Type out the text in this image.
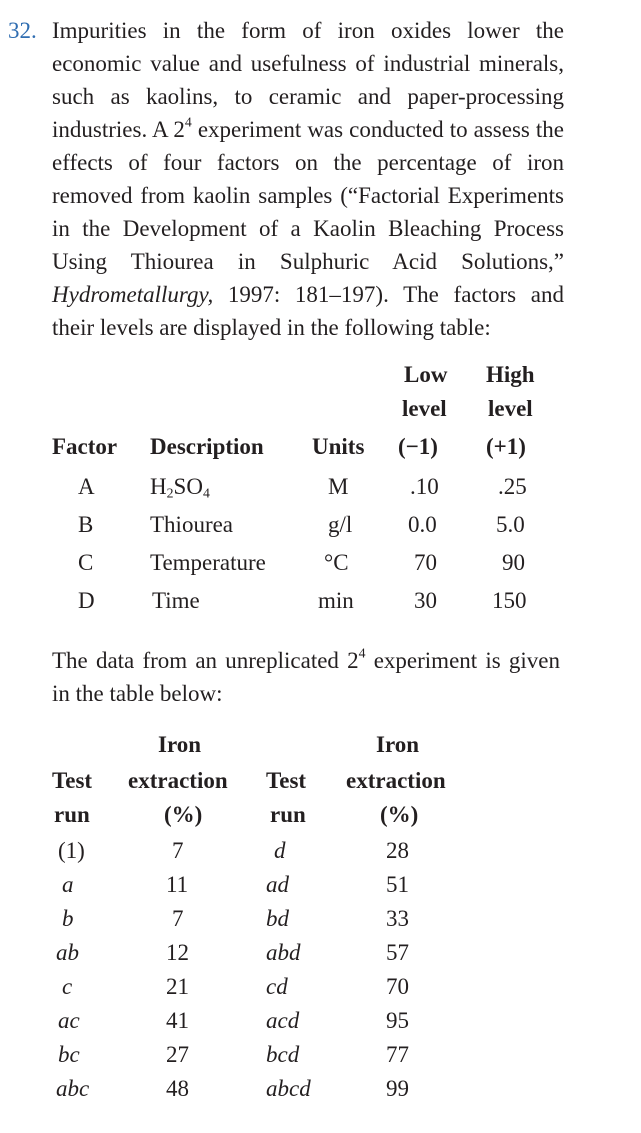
32. Impurities in the form of iron oxides lower the economic value and usefulness of industrial minerals, such as kaolins, to ceramic and paper-processing industries. A $2^4$ experiment was conducted to assess the effects of four factors on the percentage of iron removed from kaolin samples (“Factorial Experiments in the Development of a Kaolin Bleaching Process Using Thiourea in Sulphuric Acid Solutions,” Hydrometallurgy, 1997: 181–197). The factors and their levels are displayed in the following table:
Low High
level level
Factor Description Units (−1) (+1)
A $H_2SO_4$	M	.10	.25
B Thiourea	g/l 0.0	5.0
C Temperature	°C	70	90
D Time	min	30 150
The data from an unreplicated $2^4$ experiment is given in the table below:
Iron	Iron
Test extraction Test extraction
run	(%)	run	(%)
(1)	7	d	28
a	11	ad	51
b	7	bd	33
ab	12	abd	57
c	21	cd	70
ac	41	acd	95
bc	27	bcd	77
abc	48	abcd	99
